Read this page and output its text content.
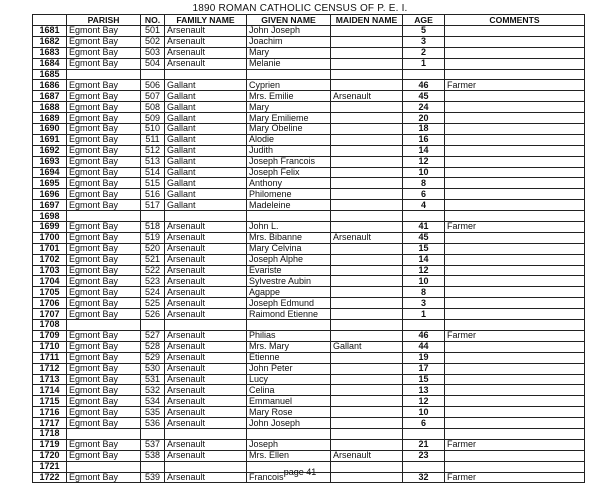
1890 ROMAN CATHOLIC CENSUS OF P. E. I.
	PARISH	NO.	FAMILY NAME	GIVEN NAME	MAIDEN NAME	AGE	COMMENTS
1681	Egmont Bay	501	Arsenault	John Joseph		5	
1682	Egmont Bay	502	Arsenault	Joachim		3	
1683	Egmont Bay	503	Arsenault	Mary		2	
1684	Egmont Bay	504	Arsenault	Melanie		1	
1685							
1686	Egmont Bay	506	Gallant	Cyprien		46	Farmer
1687	Egmont Bay	507	Gallant	Mrs. Emilie	Arsenault	45	
1688	Egmont Bay	508	Gallant	Mary		24	
1689	Egmont Bay	509	Gallant	Mary Emilieme		20	
1690	Egmont Bay	510	Gallant	Mary Obeline		18	
1691	Egmont Bay	511	Gallant	Alodie		16	
1692	Egmont Bay	512	Gallant	Judith		14	
1693	Egmont Bay	513	Gallant	Joseph Francois		12	
1694	Egmont Bay	514	Gallant	Joseph Felix		10	
1695	Egmont Bay	515	Gallant	Anthony		8	
1696	Egmont Bay	516	Gallant	Philomene		6	
1697	Egmont Bay	517	Gallant	Madeleine		4	
1698							
1699	Egmont Bay	518	Arsenault	John L.		41	Farmer
1700	Egmont Bay	519	Arsenault	Mrs. Bibanne	Arsenault	45	
1701	Egmont Bay	520	Arsenault	Mary Celvina		15	
1702	Egmont Bay	521	Arsenault	Joseph Alphe		14	
1703	Egmont Bay	522	Arsenault	Evariste		12	
1704	Egmont Bay	523	Arsenault	Sylvestre Aubin		10	
1705	Egmont Bay	524	Arsenault	Agappe		8	
1706	Egmont Bay	525	Arsenault	Joseph Edmund		3	
1707	Egmont Bay	526	Arsenault	Raimond Etienne		1	
1708							
1709	Egmont Bay	527	Arsenault	Philias		46	Farmer
1710	Egmont Bay	528	Arsenault	Mrs. Mary	Gallant	44	
1711	Egmont Bay	529	Arsenault	Etienne		19	
1712	Egmont Bay	530	Arsenault	John Peter		17	
1713	Egmont Bay	531	Arsenault	Lucy		15	
1714	Egmont Bay	532	Arsenault	Celina		13	
1715	Egmont Bay	534	Arsenault	Emmanuel		12	
1716	Egmont Bay	535	Arsenault	Mary Rose		10	
1717	Egmont Bay	536	Arsenault	John Joseph		6	
1718							
1719	Egmont Bay	537	Arsenault	Joseph		21	Farmer
1720	Egmont Bay	538	Arsenault	Mrs. Ellen	Arsenault	23	
1721							
1722	Egmont Bay	539	Arsenault	Francois		32	Farmer
page 41
